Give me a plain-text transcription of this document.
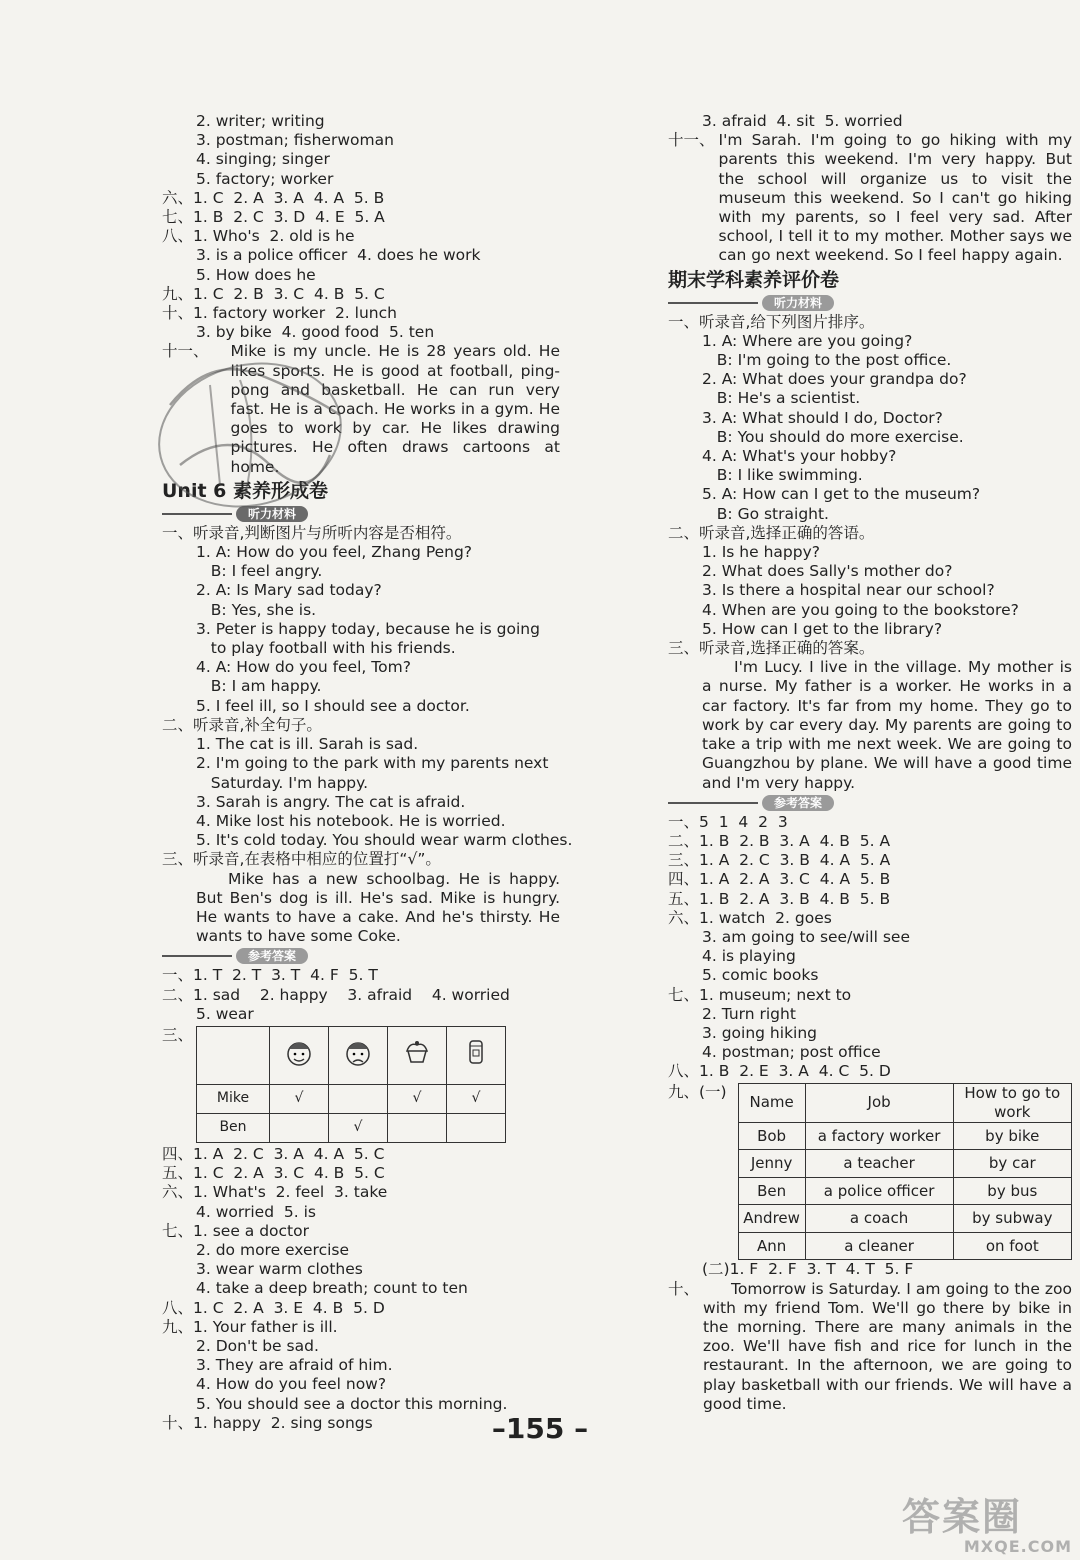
2. writer; writing
3. postman; fisherwoman
4. singing; singer
5. factory; worker
六、1. C  2. A  3. A  4. A  5. B
七、1. B  2. C  3. D  4. E  5. A
八、1. Who's  2. old is he
3. is a police officer  4. does he work
5. How does he
九、1. C  2. B  3. C  4. B  5. C
十、1. factory worker  2. lunch
3. by bike  4. good food  5. ten
十一、	Mike is my uncle. He is 28 years old. He likes sports. He is good at football, ping-pong and basketball. He can run very fast. He is a coach. He works in a gym. He goes to work by car. He likes drawing pictures. He often draws cartoons at home.
Unit 6 素养形成卷
听力材料
一、听录音,判断图片与所听内容是否相符。
1. A: How do you feel, Zhang Peng?
B: I feel angry.
2. A: Is Mary sad today?
B: Yes, she is.
3. Peter is happy today, because he is going
to play football with his friends.
4. A: How do you feel, Tom?
B: I am happy.
5. I feel ill, so I should see a doctor.
二、听录音,补全句子。
1. The cat is ill. Sarah is sad.
2. I'm going to the park with my parents next
Saturday. I'm happy.
3. Sarah is angry. The cat is afraid.
4. Mike lost his notebook. He is worried.
5. It's cold today. You should wear warm clothes.
三、听录音,在表格中相应的位置打“√”。
Mike has a new schoolbag. He is happy. But Ben's dog is ill. He's sad. Mike is hungry. He wants to have a cake. And he's thirsty. He wants to have some Coke.
参考答案
一、1. T  2. T  3. T  4. F  5. T
二、1. sad    2. happy    3. afraid    4. worried
5. wear
三、

Mike	√		√	√
Ben		√		
四、1. A  2. C  3. A  4. A  5. C
五、1. C  2. A  3. C  4. B  5. C
六、1. What's  2. feel  3. take
4. worried  5. is
七、1. see a doctor
2. do more exercise
3. wear warm clothes
4. take a deep breath; count to ten
八、1. C  2. A  3. E  4. B  5. D
九、1. Your father is ill.
2. Don't be sad.
3. They are afraid of him.
4. How do you feel now?
5. You should see a doctor this morning.
十、1. happy  2. sing songs
3. afraid  4. sit  5. worried
十一、 I'm Sarah. I'm going to go hiking with my parents this weekend. I'm very happy. But the school will organize us to visit the museum this weekend. So I can't go hiking with my parents, so I feel very sad. After school, I tell it to my mother. Mother says we can go next weekend. So I feel happy again.
期末学科素养评价卷
听力材料
一、听录音,给下列图片排序。
1. A: Where are you going?
B: I'm going to the post office.
2. A: What does your grandpa do?
B: He's a scientist.
3. A: What should I do, Doctor?
B: You should do more exercise.
4. A: What's your hobby?
B: I like swimming.
5. A: How can I get to the museum?
B: Go straight.
二、听录音,选择正确的答语。
1. Is he happy?
2. What does Sally's mother do?
3. Is there a hospital near our school?
4. When are you going to the bookstore?
5. How can I get to the library?
三、听录音,选择正确的答案。
I'm Lucy. I live in the village. My mother is a nurse. My father is a worker. He works in a car factory. It's far from my home. They go to work by car every day. My parents are going to take a trip with me next week. We are going to Guangzhou by plane. We will have a good time and I'm very happy.
参考答案
一、5  1  4  2  3
二、1. B  2. B  3. A  4. B  5. A
三、1. A  2. C  3. B  4. A  5. A
四、1. A  2. A  3. C  4. A  5. B
五、1. B  2. A  3. B  4. B  5. B
六、1. watch  2. goes
3. am going to see/will see
4. is playing
5. comic books
七、1. museum; next to
2. Turn right
3. going hiking
4. postman; post office
八、1. B  2. E  3. A  4. C  5. D
九、(一)
Name	Job	How to go to work
Bob	a factory worker	by bike
Jenny	a teacher	by car
Ben	a police officer	by bus
Andrew	a coach	by subway
Ann	a cleaner	on foot
(二)1. F  2. F  3. T  4. T  5. F
十、	Tomorrow is Saturday. I am going to the zoo with my friend Tom. We'll go there by bike in the morning. There are many animals in the zoo. We'll have fish and rice for lunch in the restaurant. In the afternoon, we are going to play basketball with our friends. We will have a good time.
–155 –
答案圈
MXQE.COM
